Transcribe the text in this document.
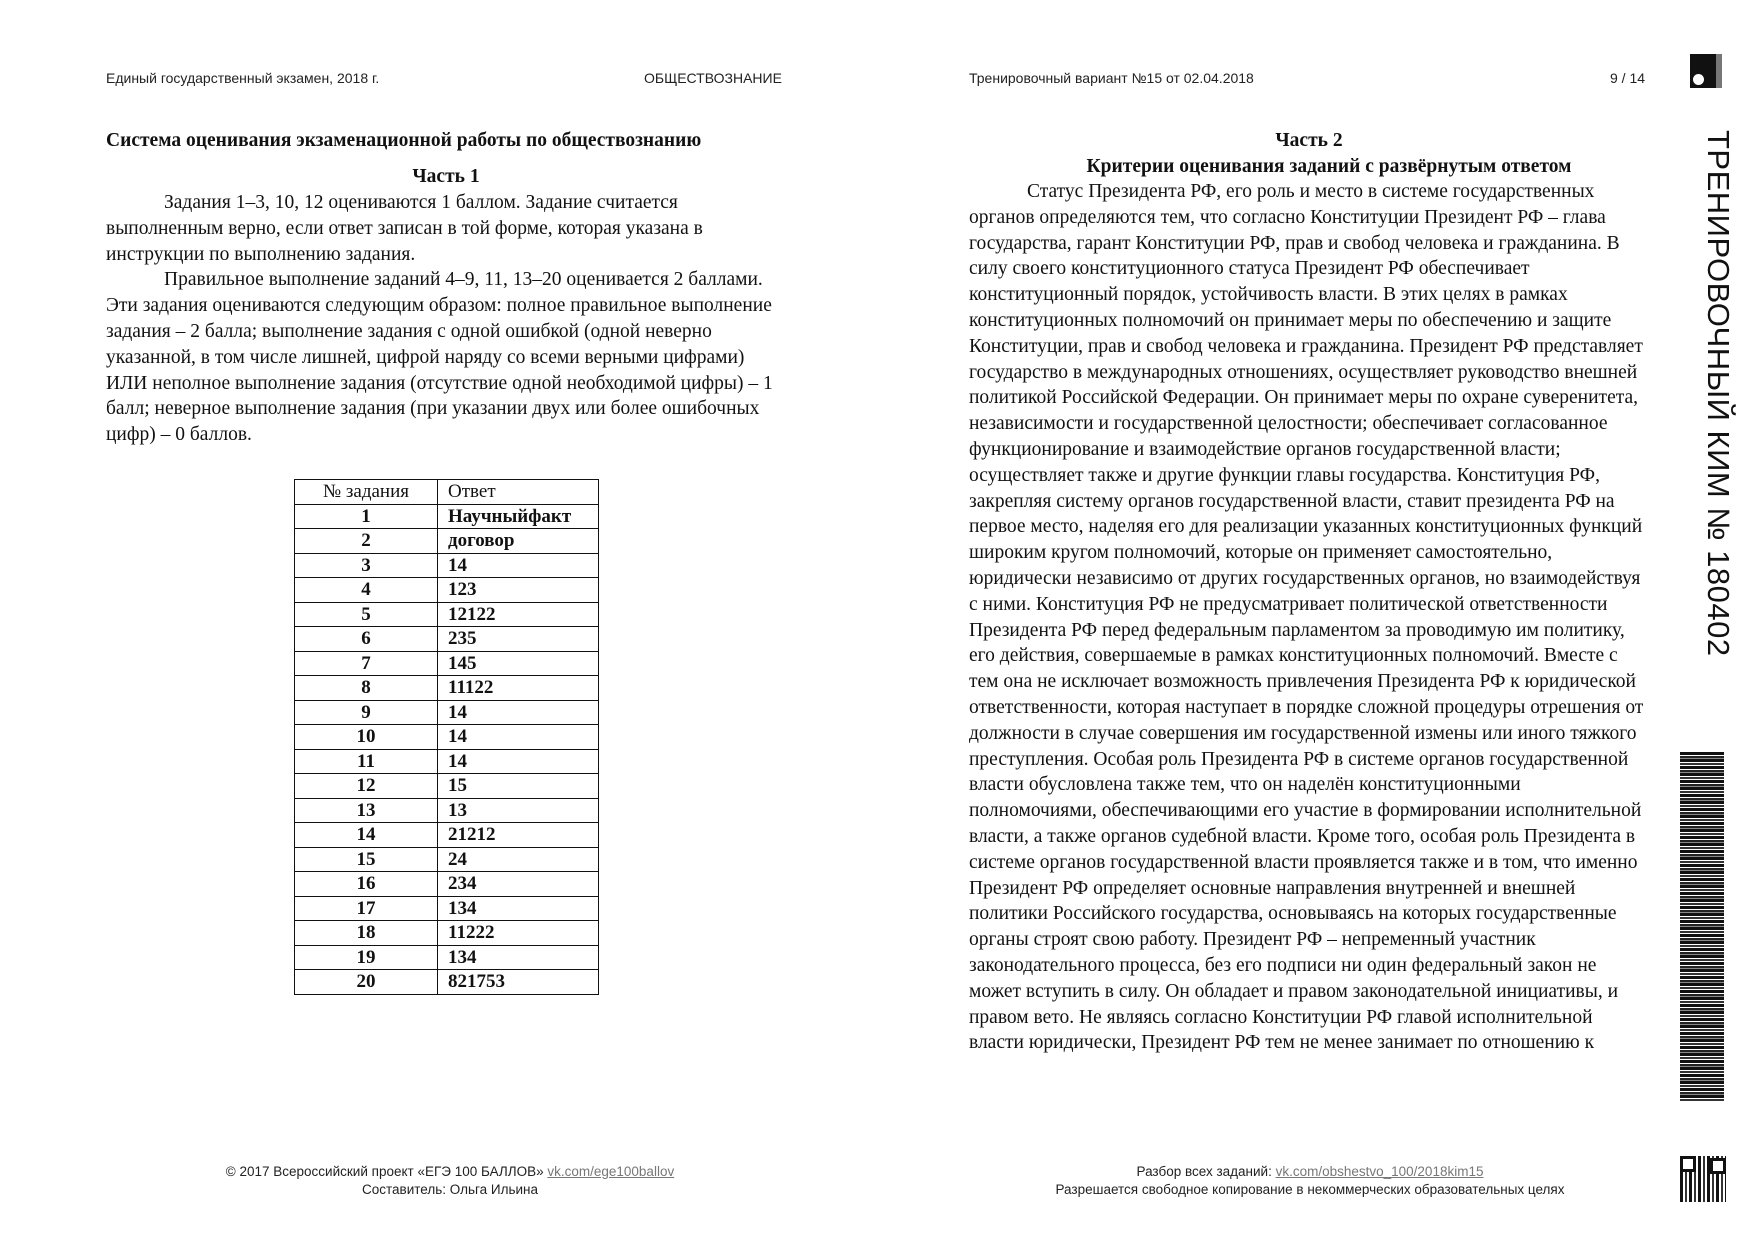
Единый государственный экзамен, 2018 г.	ОБЩЕСТВОЗНАНИЕ	Тренировочный вариант №15 от 02.04.2018	9 / 14
ТРЕНИРОВОЧНЫЙ КИМ № 180402
Система оценивания экзаменационной работы по обществознанию
Часть 1

Задания 1–3, 10, 12 оцениваются 1 баллом. Задание считается выполненным верно, если ответ записан в той форме, которая указана в инструкции по выполнению задания.

Правильное выполнение заданий 4–9, 11, 13–20 оценивается 2 баллами. Эти задания оцениваются следующим образом: полное правильное выполнение задания – 2 балла; выполнение задания с одной ошибкой (одной неверно указанной, в том числе лишней, цифрой наряду со всеми верными цифрами) ИЛИ неполное выполнение задания (отсутствие одной необходимой цифры) – 1 балл; неверное выполнение задания (при указании двух или более ошибочных цифр) – 0 баллов.

№ задания	Ответ
1	Научныйфакт
2	договор
3	14
4	123
5	12122
6	235
7	145
8	11122
9	14
10	14
11	14
12	15
13	13
14	21212
15	24
16	234
17	134
18	11222
19	134
20	821753
Часть 2
Критерии оценивания заданий с развёрнутым ответом

Статус Президента РФ, его роль и место в системе государственных органов определяются тем, что согласно Конституции Президент РФ – глава государства, гарант Конституции РФ, прав и свобод человека и гражданина. В силу своего конституционного статуса Президент РФ обеспечивает конституционный порядок, устойчивость власти. В этих целях в рамках конституционных полномочий он принимает меры по обеспечению и защите Конституции, прав и свобод человека и гражданина. Президент РФ представляет государство в международных отношениях, осуществляет руководство внешней политикой Российской Федерации. Он принимает меры по охране суверенитета, независимости и государственной целостности; обеспечивает согласованное функционирование и взаимодействие органов государственной власти; осуществляет также и другие функции главы государства. Конституция РФ, закрепляя систему органов государственной власти, ставит президента РФ на первое место, наделяя его для реализации указанных конституционных функций широким кругом полномочий, которые он применяет самостоятельно, юридически независимо от других государственных органов, но взаимодействуя с ними. Конституция РФ не предусматривает политической ответственности Президента РФ перед федеральным парламентом за проводимую им политику, его действия, совершаемые в рамках конституционных полномочий. Вместе с тем она не исключает возможность привлечения Президента РФ к юридической ответственности, которая наступает в порядке сложной процедуры отрешения от должности в случае совершения им государственной измены или иного тяжкого преступления. Особая роль Президента РФ в системе органов государственной власти обусловлена также тем, что он наделён конституционными полномочиями, обеспечивающими его участие в формировании исполнительной власти, а также органов судебной власти. Кроме того, особая роль Президента в системе органов государственной власти проявляется также и в том, что именно Президент РФ определяет основные направления внутренней и внешней политики Российского государства, основываясь на которых государственные органы строят свою работу. Президент РФ – непременный участник законодательного процесса, без его подписи ни один федеральный закон не может вступить в силу. Он обладает и правом законодательной инициативы, и правом вето. Не являясь согласно Конституции РФ главой исполнительной власти юридически, Президент РФ тем не менее занимает по отношению к

© 2017 Всероссийский проект «ЕГЭ 100 БАЛЛОВ» vk.com/ege100ballov
Составитель: Ольга Ильина
Разбор всех заданий: vk.com/obshestvo_100/2018kim15
Разрешается свободное копирование в некоммерческих образовательных целях
